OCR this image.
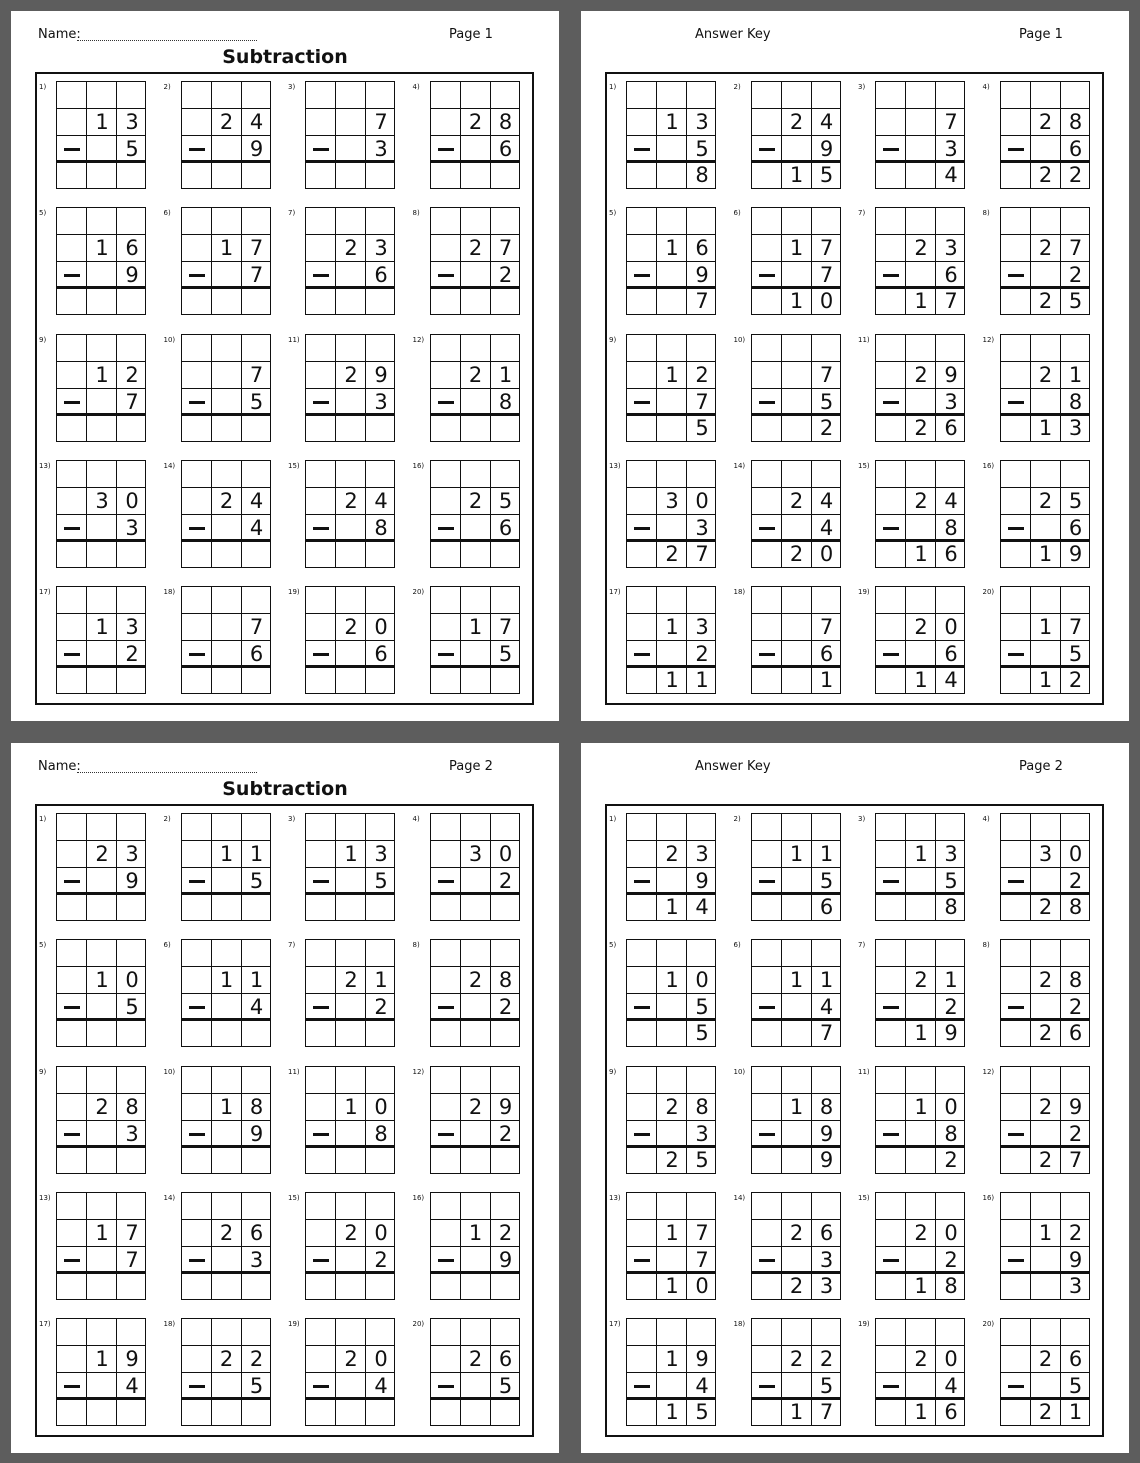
Name:	Page 1
Subtraction
1)
1 3
5
2)
2 4
9
3)
7
3
4)
2 8
6
5)
1 6
9
6)
1 7
7
7)
2 3
6
8)
2 7
2
9)
1 2
7
10)
7
5
11)
2 9
3
12)
2 1
8
13)
3 0
3
14)
2 4
4
15)
2 4
8
16)
2 5
6
17)
1 3
2
18)
7
6
19)
2 0
6
20)
1 7
5
Answer Key	Page 1
1)
1 3
5
8
2)
2 4
9
1 5
3)
7
3
4
4)
2 8
6
2 2
5)
1 6
9
7
6)
1 7
7
1 0
7)
2 3
6
1 7
8)
2 7
2
2 5
9)
1 2
7
5
10)
7
5
2
11)
2 9
3
2 6
12)
2 1
8
1 3
13)
3 0
3
2 7
14)
2 4
4
2 0
15)
2 4
8
1 6
16)
2 5
6
1 9
17)
1 3
2
1 1
18)
7
6
1
19)
2 0
6
1 4
20)
1 7
5
1 2
Name:	Page 2
Subtraction
1)
2 3
9
2)
1 1
5
3)
1 3
5
4)
3 0
2
5)
1 0
5
6)
1 1
4
7)
2 1
2
8)
2 8
2
9)
2 8
3
10)
1 8
9
11)
1 0
8
12)
2 9
2
13)
1 7
7
14)
2 6
3
15)
2 0
2
16)
1 2
9
17)
1 9
4
18)
2 2
5
19)
2 0
4
20)
2 6
5
Answer Key	Page 2
1)
2 3
9
1 4
2)
1 1
5
6
3)
1 3
5
8
4)
3 0
2
2 8
5)
1 0
5
5
6)
1 1
4
7
7)
2 1
2
1 9
8)
2 8
2
2 6
9)
2 8
3
2 5
10)
1 8
9
9
11)
1 0
8
2
12)
2 9
2
2 7
13)
1 7
7
1 0
14)
2 6
3
2 3
15)
2 0
2
1 8
16)
1 2
9
3
17)
1 9
4
1 5
18)
2 2
5
1 7
19)
2 0
4
1 6
20)
2 6
5
2 1
